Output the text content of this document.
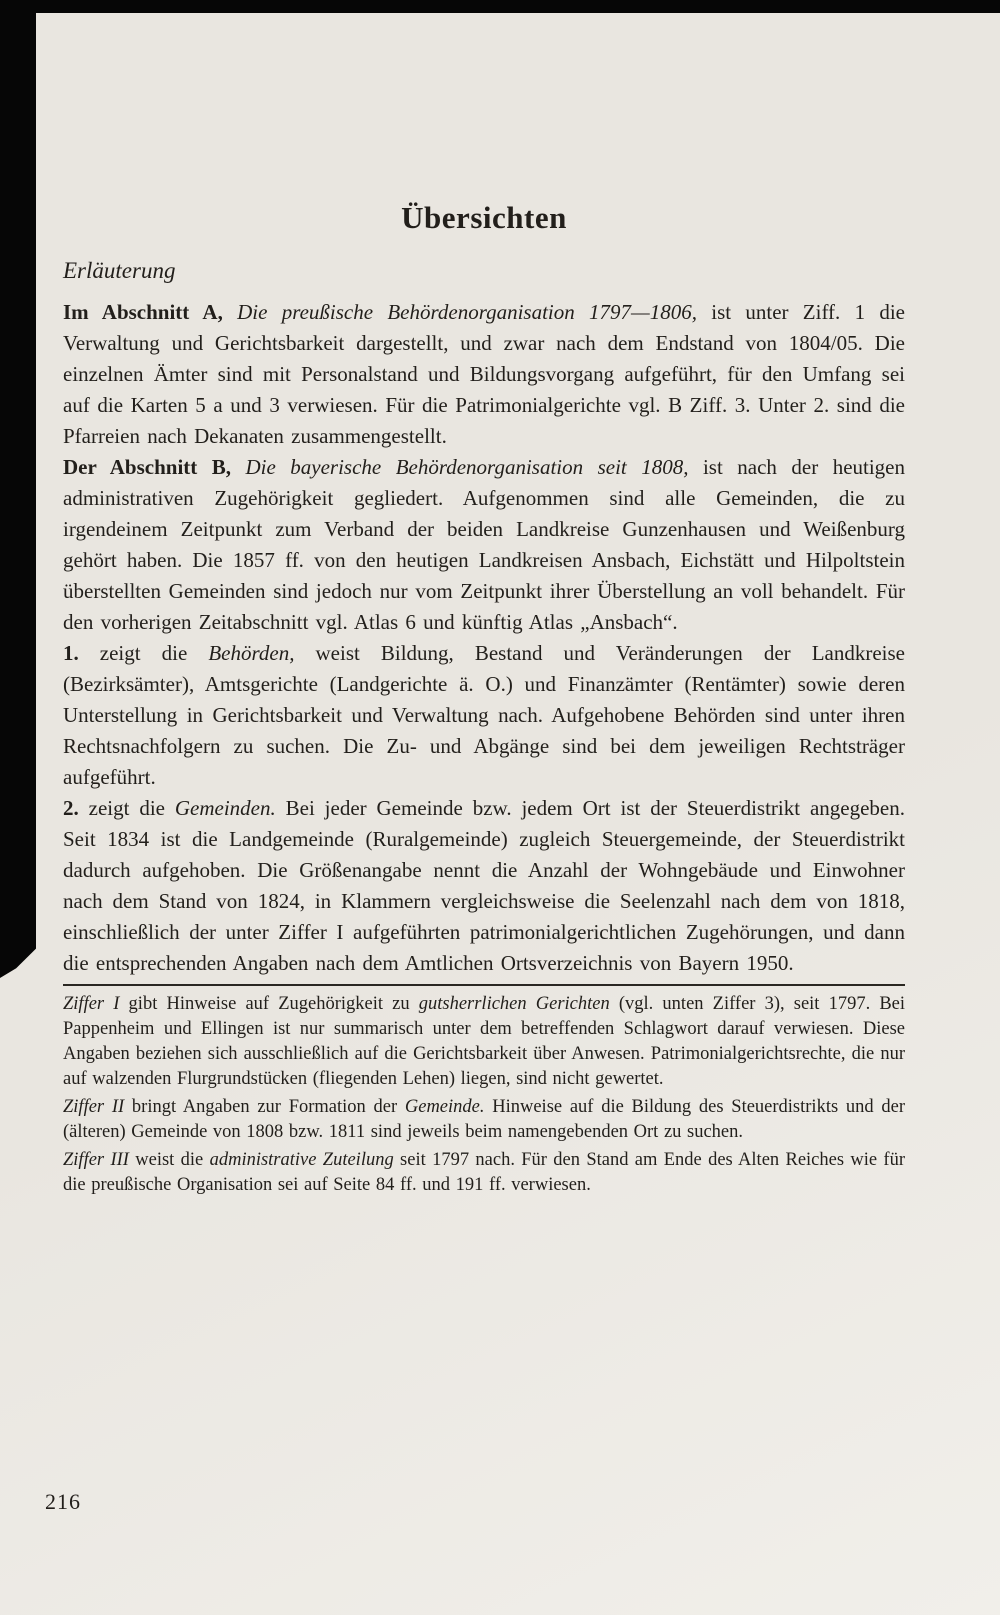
Übersichten
Erläuterung

Im Abschnitt A, Die preußische Behördenorganisation 1797—1806, ist unter Ziff. 1 die Verwaltung und Gerichtsbarkeit dargestellt, und zwar nach dem Endstand von 1804/05. Die einzelnen Ämter sind mit Personalstand und Bildungsvorgang aufgeführt, für den Umfang sei auf die Karten 5 a und 3 verwiesen. Für die Patrimonialgerichte vgl. B Ziff. 3. Unter 2. sind die Pfarreien nach Dekanaten zusammengestellt.

Der Abschnitt B, Die bayerische Behördenorganisation seit 1808, ist nach der heutigen administrativen Zugehörigkeit gegliedert. Aufgenommen sind alle Gemeinden, die zu irgendeinem Zeitpunkt zum Verband der beiden Landkreise Gunzenhausen und Weißenburg gehört haben. Die 1857 ff. von den heutigen Landkreisen Ansbach, Eichstätt und Hilpoltstein überstellten Gemeinden sind jedoch nur vom Zeitpunkt ihrer Überstellung an voll behandelt. Für den vorherigen Zeitabschnitt vgl. Atlas 6 und künftig Atlas „Ansbach“.

1. zeigt die Behörden, weist Bildung, Bestand und Veränderungen der Landkreise (Bezirksämter), Amtsgerichte (Landgerichte ä. O.) und Finanzämter (Rentämter) sowie deren Unterstellung in Gerichtsbarkeit und Verwaltung nach. Aufgehobene Behörden sind unter ihren Rechtsnachfolgern zu suchen. Die Zu- und Abgänge sind bei dem jeweiligen Rechtsträger aufgeführt.

2. zeigt die Gemeinden. Bei jeder Gemeinde bzw. jedem Ort ist der Steuerdistrikt angegeben. Seit 1834 ist die Landgemeinde (Ruralgemeinde) zugleich Steuergemeinde, der Steuerdistrikt dadurch aufgehoben. Die Größenangabe nennt die Anzahl der Wohngebäude und Einwohner nach dem Stand von 1824, in Klammern vergleichsweise die Seelenzahl nach dem von 1818, einschließlich der unter Ziffer I aufgeführten patrimonialgerichtlichen Zugehörungen, und dann die entsprechenden Angaben nach dem Amtlichen Ortsverzeichnis von Bayern 1950.

Ziffer I gibt Hinweise auf Zugehörigkeit zu gutsherrlichen Gerichten (vgl. unten Ziffer 3), seit 1797. Bei Pappenheim und Ellingen ist nur summarisch unter dem betreffenden Schlagwort darauf verwiesen. Diese Angaben beziehen sich ausschließlich auf die Gerichtsbarkeit über Anwesen. Patrimonialgerichtsrechte, die nur auf walzenden Flurgrundstücken (fliegenden Lehen) liegen, sind nicht gewertet.

Ziffer II bringt Angaben zur Formation der Gemeinde. Hinweise auf die Bildung des Steuerdistrikts und der (älteren) Gemeinde von 1808 bzw. 1811 sind jeweils beim namengebenden Ort zu suchen.

Ziffer III weist die administrative Zuteilung seit 1797 nach. Für den Stand am Ende des Alten Reiches wie für die preußische Organisation sei auf Seite 84 ff. und 191 ff. verwiesen.

216
